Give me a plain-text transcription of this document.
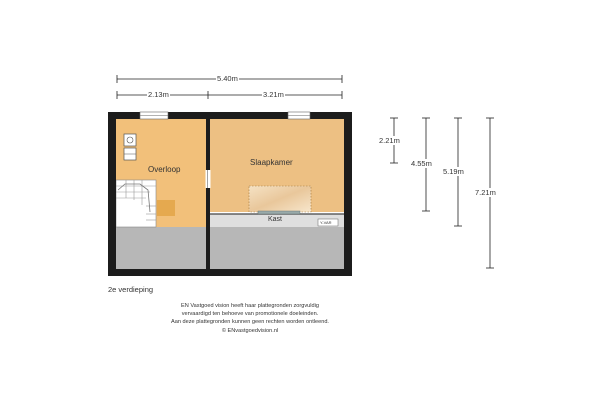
5.40m
2.13m	3.21m
2.21m
4.55m
5.19m
7.21m
Overloop
Slaapkamer
Kast	Y-VAR
2e verdieping
EN Vastgoed vision heeft haar plattegronden zorgvuldig
vervaardigd ten behoeve van promotionele doeleinden.
Aan deze plattegronden kunnen geen rechten worden ontleend.
© ENvastgoedvision.nl
